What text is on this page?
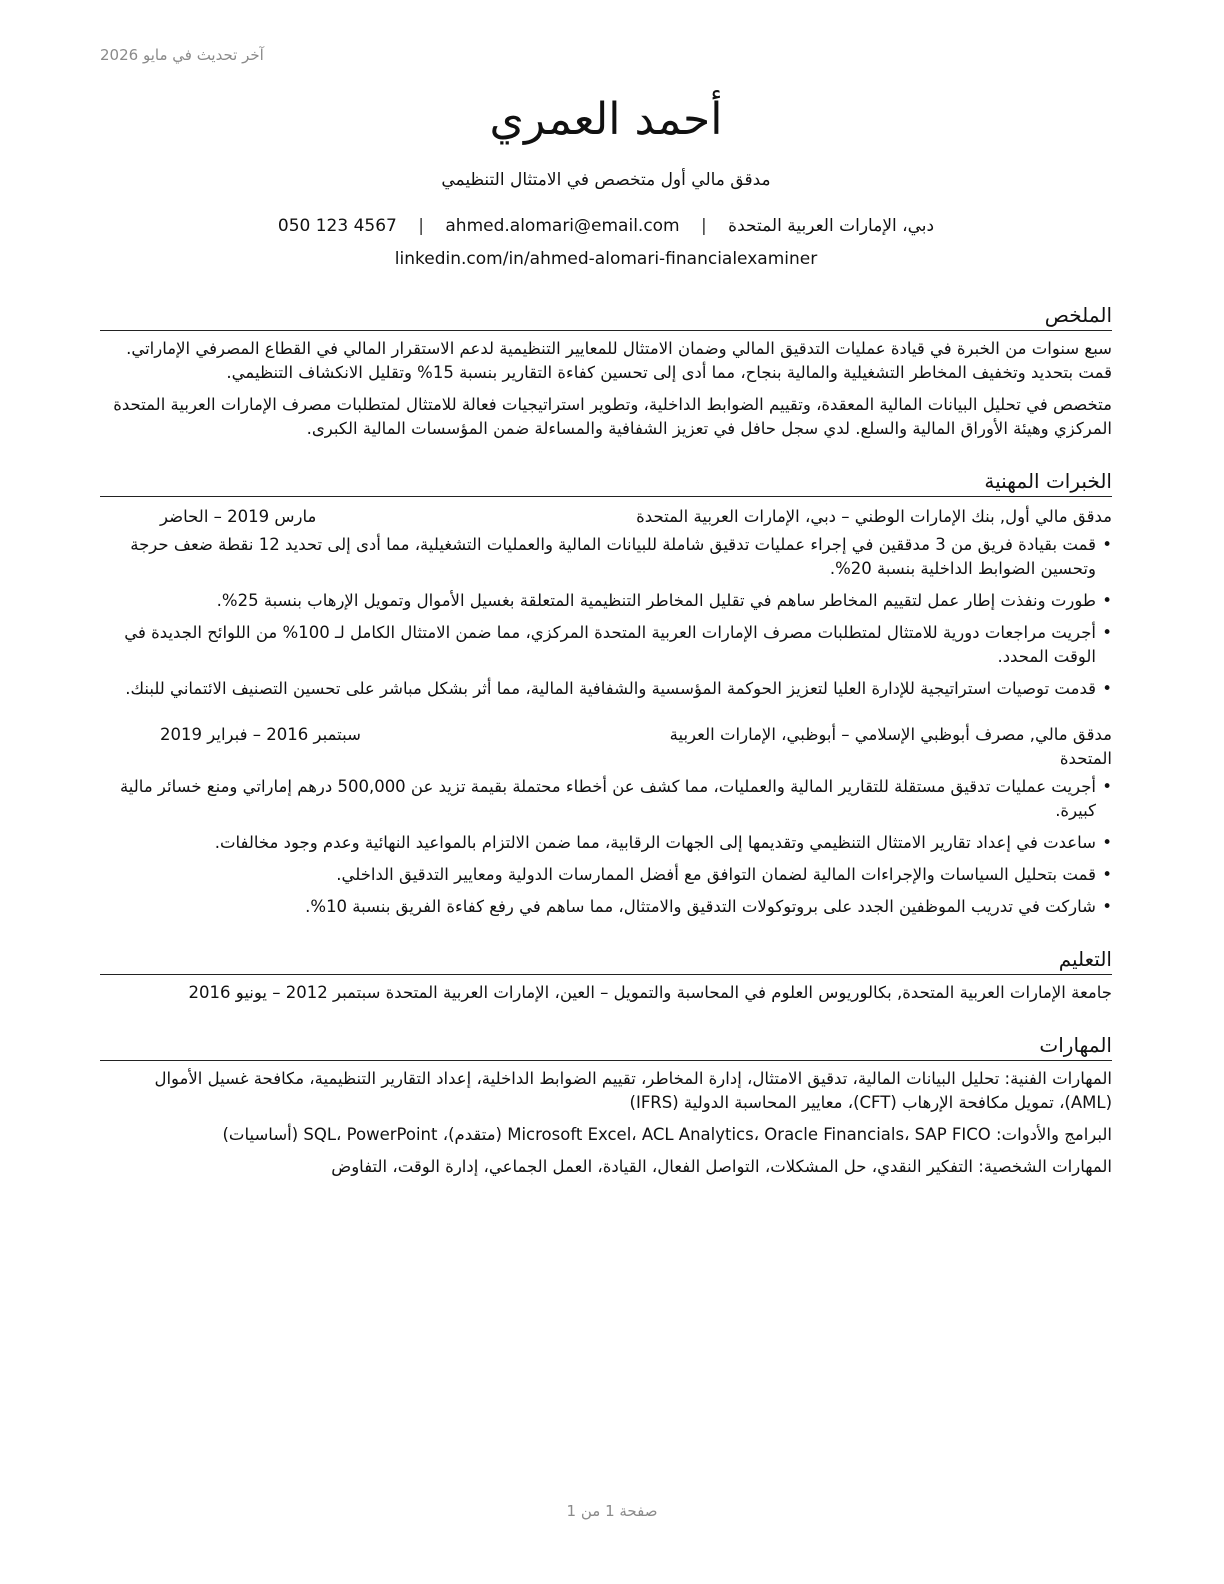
آخر تحديث في مايو 2026
أحمد العمري
مدقق مالي أول متخصص في الامتثال التنظيمي
دبي، الإمارات العربية المتحدة | ahmed.alomari@email.com | 050 123 4567
linkedin.com/in/ahmed-alomari-financialexaminer
الملخص

سبع سنوات من الخبرة في قيادة عمليات التدقيق المالي وضمان الامتثال للمعايير التنظيمية لدعم الاستقرار المالي في القطاع المصرفي الإماراتي. قمت بتحديد وتخفيف المخاطر التشغيلية والمالية بنجاح، مما أدى إلى تحسين كفاءة التقارير بنسبة 15% وتقليل الانكشاف التنظيمي.

متخصص في تحليل البيانات المالية المعقدة، وتقييم الضوابط الداخلية، وتطوير استراتيجيات فعالة للامتثال لمتطلبات مصرف الإمارات العربية المتحدة المركزي وهيئة الأوراق المالية والسلع. لدي سجل حافل في تعزيز الشفافية والمساءلة ضمن المؤسسات المالية الكبرى.

الخبرات المهنية
مدقق مالي أول, بنك الإمارات الوطني – دبي، الإمارات العربية المتحدة
مارس 2019 – الحاضر
• قمت بقيادة فريق من 3 مدققين في إجراء عمليات تدقيق شاملة للبيانات المالية والعمليات التشغيلية، مما أدى إلى تحديد 12 نقطة ضعف حرجة وتحسين الضوابط الداخلية بنسبة 20%.
• طورت ونفذت إطار عمل لتقييم المخاطر ساهم في تقليل المخاطر التنظيمية المتعلقة بغسيل الأموال وتمويل الإرهاب بنسبة 25%.
• أجريت مراجعات دورية للامتثال لمتطلبات مصرف الإمارات العربية المتحدة المركزي، مما ضمن الامتثال الكامل لـ 100% من اللوائح الجديدة في الوقت المحدد.
• قدمت توصيات استراتيجية للإدارة العليا لتعزيز الحوكمة المؤسسية والشفافية المالية، مما أثر بشكل مباشر على تحسين التصنيف الائتماني للبنك.
مدقق مالي, مصرف أبوظبي الإسلامي – أبوظبي، الإمارات العربية المتحدة
سبتمبر 2016 – فبراير 2019
• أجريت عمليات تدقيق مستقلة للتقارير المالية والعمليات، مما كشف عن أخطاء محتملة بقيمة تزيد عن 500,000 درهم إماراتي ومنع خسائر مالية كبيرة.
• ساعدت في إعداد تقارير الامتثال التنظيمي وتقديمها إلى الجهات الرقابية، مما ضمن الالتزام بالمواعيد النهائية وعدم وجود مخالفات.
• قمت بتحليل السياسات والإجراءات المالية لضمان التوافق مع أفضل الممارسات الدولية ومعايير التدقيق الداخلي.
• شاركت في تدريب الموظفين الجدد على بروتوكولات التدقيق والامتثال، مما ساهم في رفع كفاءة الفريق بنسبة 10%.
التعليم
جامعة الإمارات العربية المتحدة, بكالوريوس العلوم في المحاسبة والتمويل – العين، الإمارات العربية المتحدة سبتمبر 2012 – يونيو 2016
المهارات
المهارات الفنية: تحليل البيانات المالية، تدقيق الامتثال، إدارة المخاطر، تقييم الضوابط الداخلية، إعداد التقارير التنظيمية، مكافحة غسيل الأموال (AML)، تمويل مكافحة الإرهاب (CFT)، معايير المحاسبة الدولية (IFRS)
البرامج والأدوات: Microsoft Excel، ACL Analytics، Oracle Financials، SAP FICO (متقدم)، SQL، PowerPoint (أساسيات)
المهارات الشخصية: التفكير النقدي، حل المشكلات، التواصل الفعال، القيادة، العمل الجماعي، إدارة الوقت، التفاوض
صفحة 1 من 1
